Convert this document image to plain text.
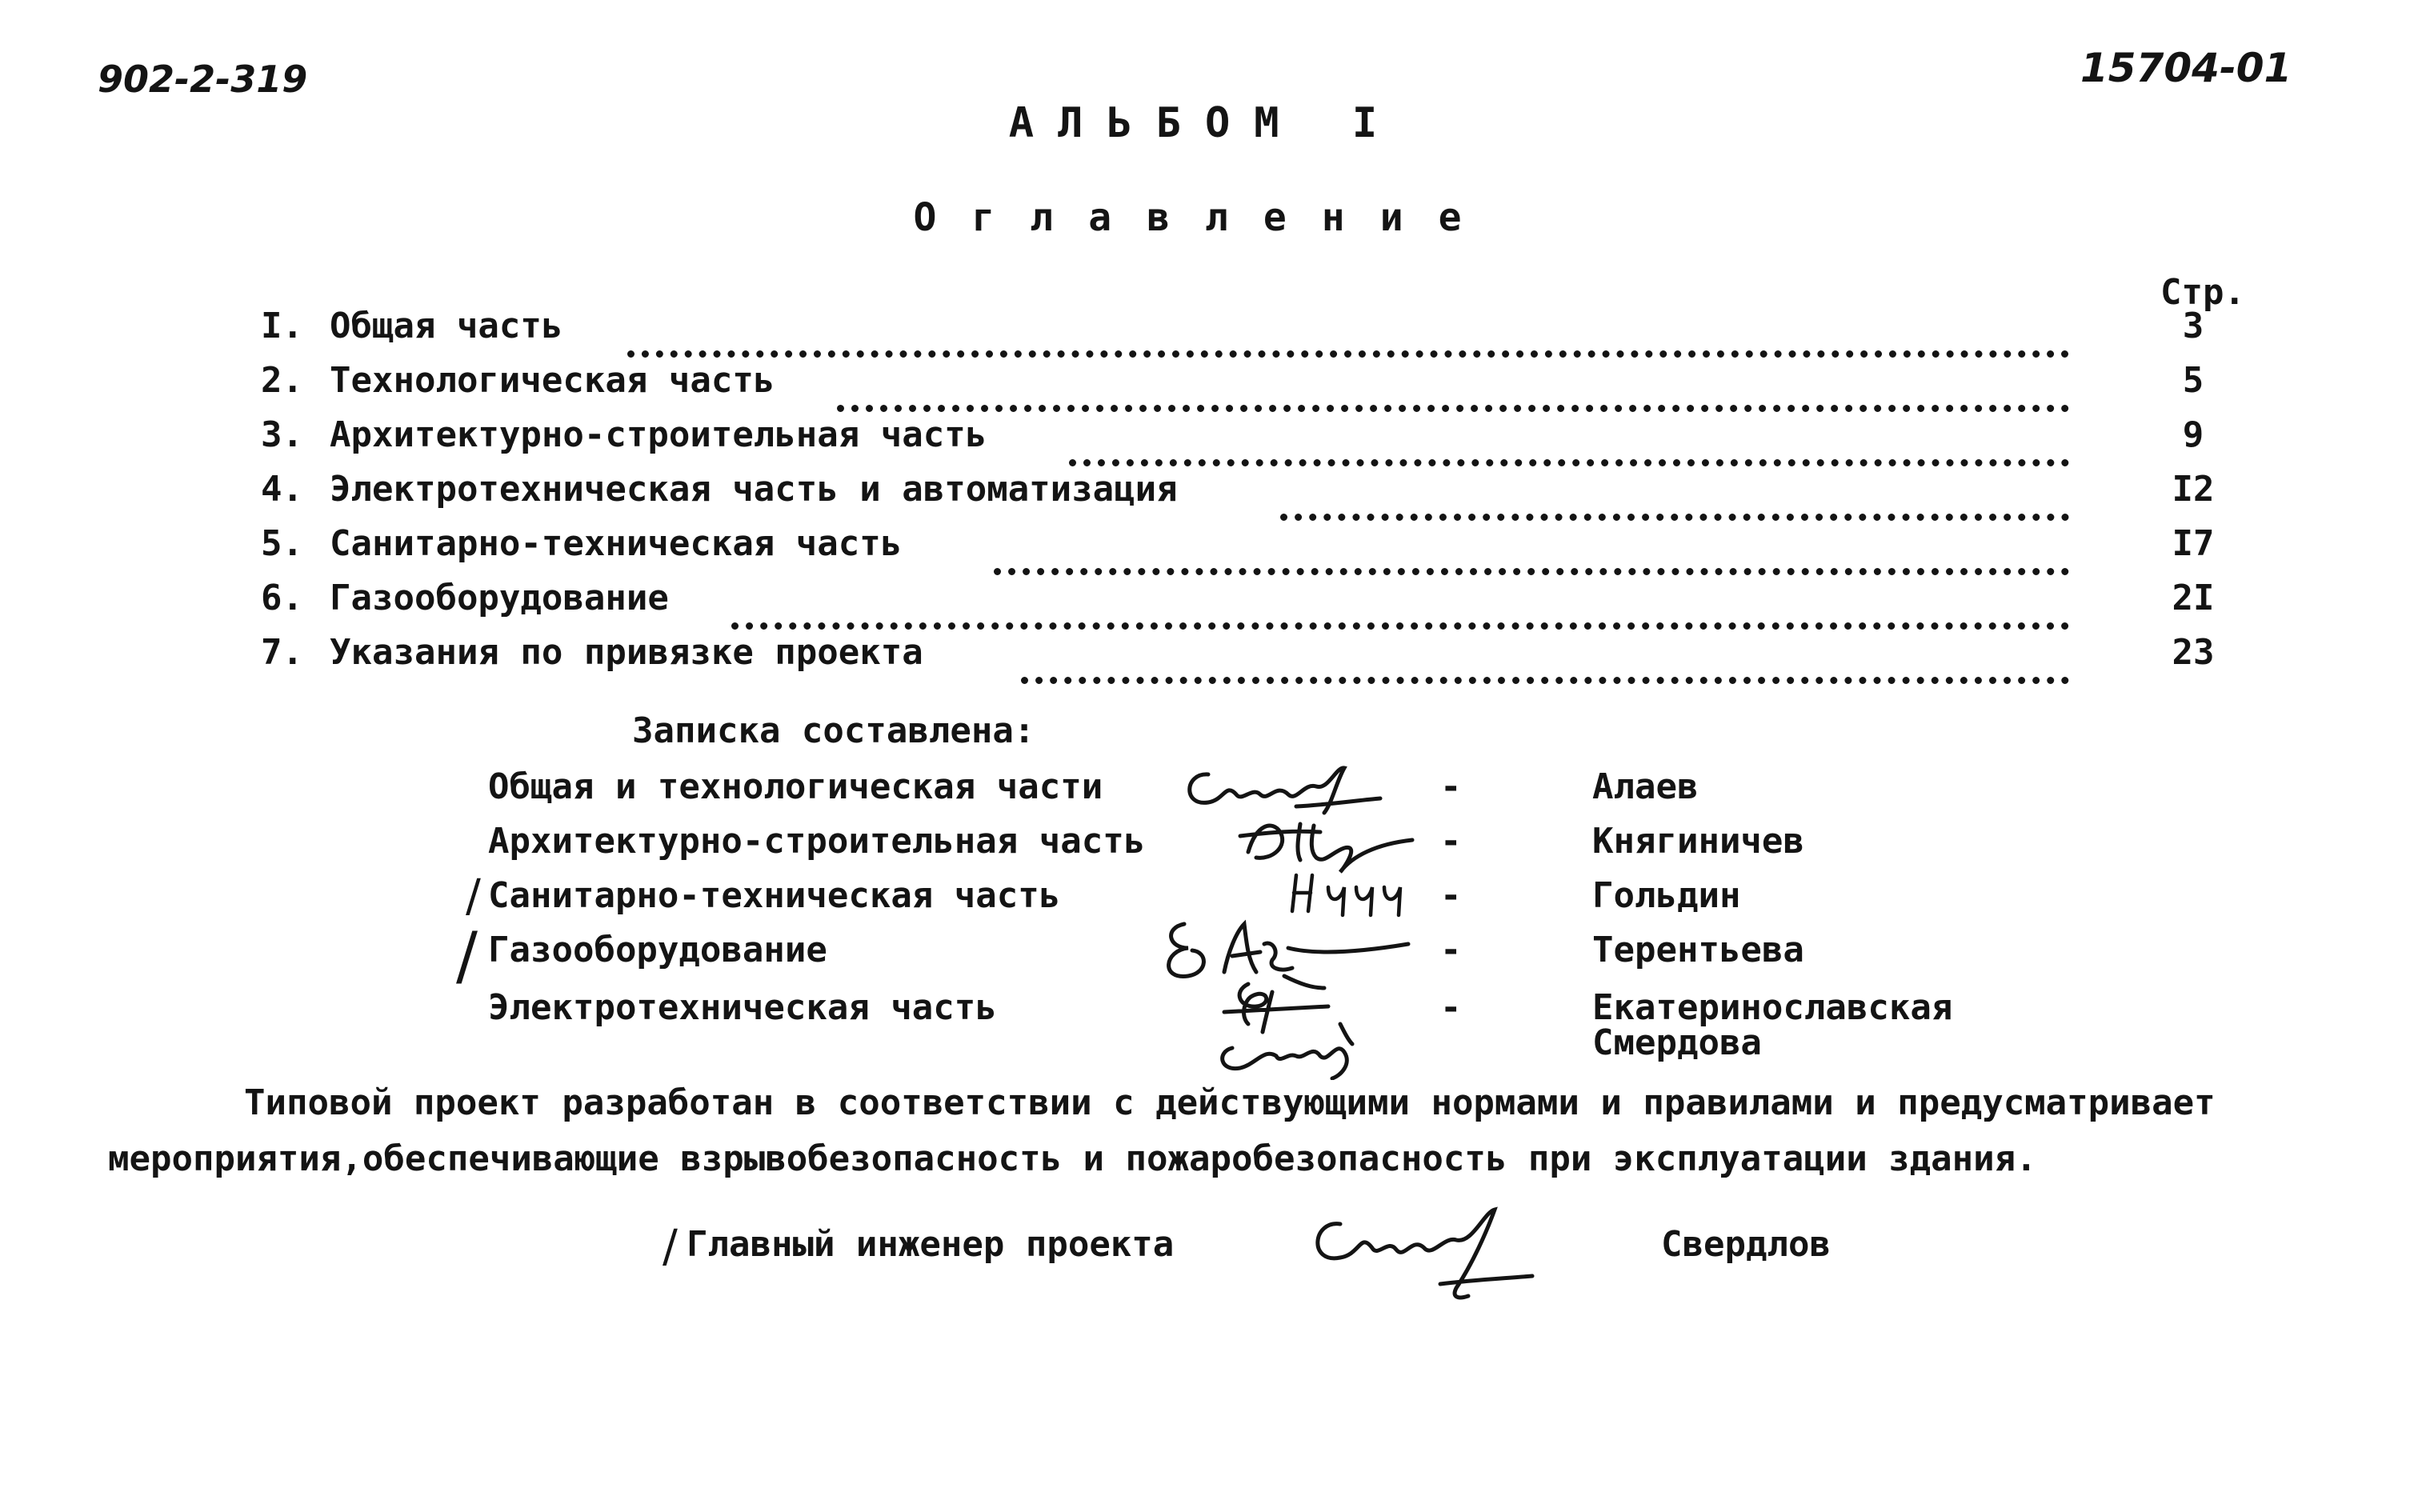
902-2-319	15704-01
АЛЬБОМ I
Оглавление
Стр.
I. Общая часть	3
2. Технологическая часть	5
3. Архитектурно-строительная часть	9
4. Электротехническая часть и автоматизация	I2
5. Санитарно-техническая часть	I7
6. Газооборудование	2I
7. Указания по привязке проекта	23
Записка составлена:
Общая и технологическая части	-	Алаев
Архитектурно-строительная часть	-	Княгиничев
/ Санитарно-техническая часть	-	Гольдин
/ Газооборудование	-	Терентьева
Электротехническая часть	-	Екатеринославская
Смердова
Типовой проект разработан в соответствии с действующими нормами и правилами и предусматривает
мероприятия,обеспечивающие взрывобезопасность и пожаробезопасность при эксплуатации здания.
/ Главный инженер проекта	Свердлов
